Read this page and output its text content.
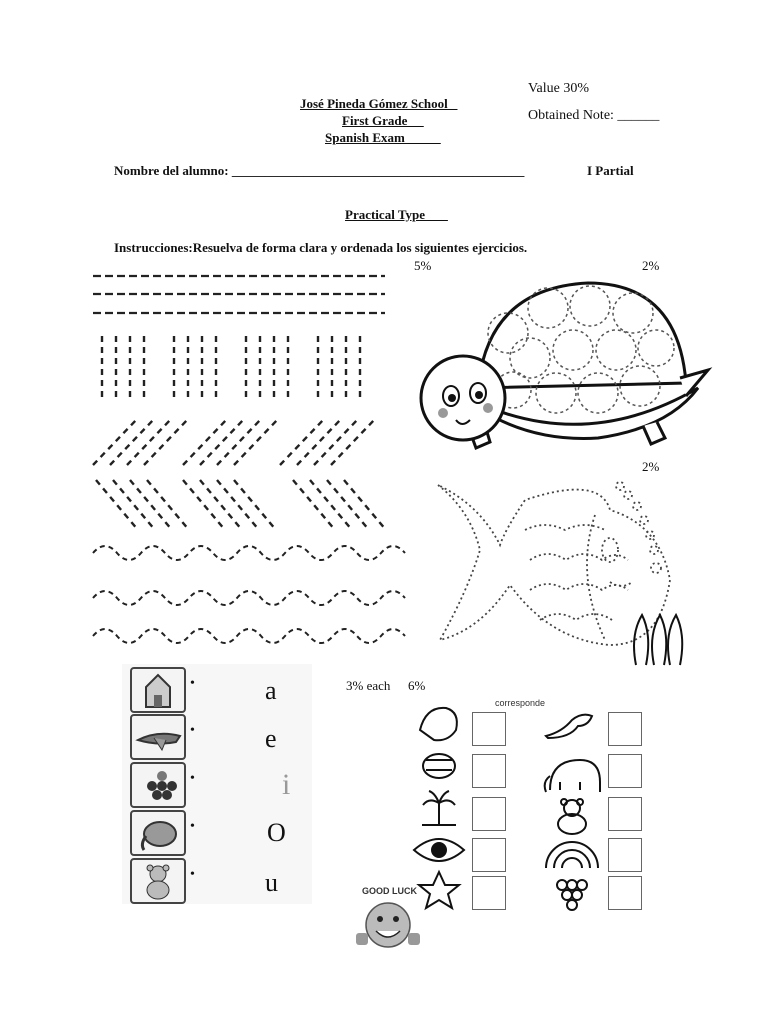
José Pineda Gómez School _
First Grade __
Spanish Exam _____
Value 30%
Obtained Note: ______
Nombre del alumno: _____________________________________________	I Partial
Practical Type ___
Instrucciones:Resuelva de forma clara y ordenada los siguientes ejercicios.
5%	2%
2%
•
•
•
•
•
a
e
i
O
u
3% each 6%
corresponde
GOOD LUCK
